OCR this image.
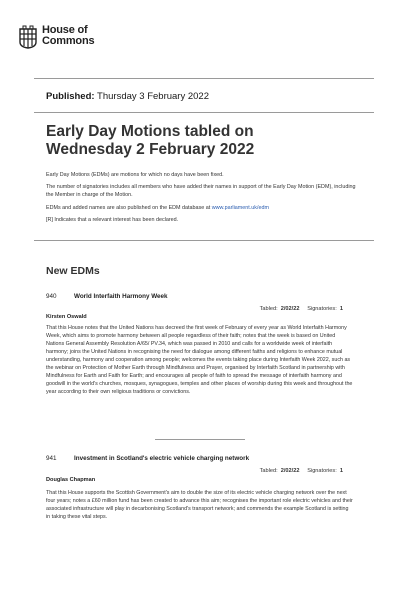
House of
Commons
Published: Thursday 3 February 2022
Early Day Motions tabled on
Wednesday 2 February 2022
Early Day Motions (EDMs) are motions for which no days have been fixed.
The number of signatories includes all members who have added their names in support of the Early Day Motion (EDM), including the Member in charge of the Motion.
EDMs and added names are also published on the EDM database at www.parliament.uk/edm
[R] Indicates that a relevant interest has been declared.
New EDMs
940	World Interfaith Harmony Week
Tabled: 2/02/22 Signatories: 1
Kirsten Oswald
That this House notes that the United Nations has decreed the first week of February of every year as World Interfaith Harmony Week, which aims to promote harmony between all people regardless of their faith; notes that the week is based on United Nations General Assembly Resolution A/65/ PV.34, which was passed in 2010 and calls for a worldwide week of interfaith harmony; joins the United Nations in recognising the need for dialogue among different faiths and religions to enhance mutual understanding, harmony and cooperation among people; welcomes the events taking place during Interfaith Week 2022, such as the webinar on Protection of Mother Earth through Mindfulness and Prayer, organised by Interfaith Scotland in partnership with Mindfulness for Earth and Faith for Earth; and encourages all people of faith to spread the message of interfaith harmony and goodwill in the world's churches, mosques, synagogues, temples and other places of worship during this week and throughout the year according to their own religious traditions or convictions.
941	Investment in Scotland's electric vehicle charging network
Tabled: 2/02/22 Signatories: 1
Douglas Chapman
That this House supports the Scottish Government's aim to double the size of its electric vehicle charging network over the next four years; notes a £60 million fund has been created to advance this aim; recognises the important role electric vehicles and their associated infrastructure will play in decarbonising Scotland's transport network; and commends the example Scotland is setting in taking these vital steps.
